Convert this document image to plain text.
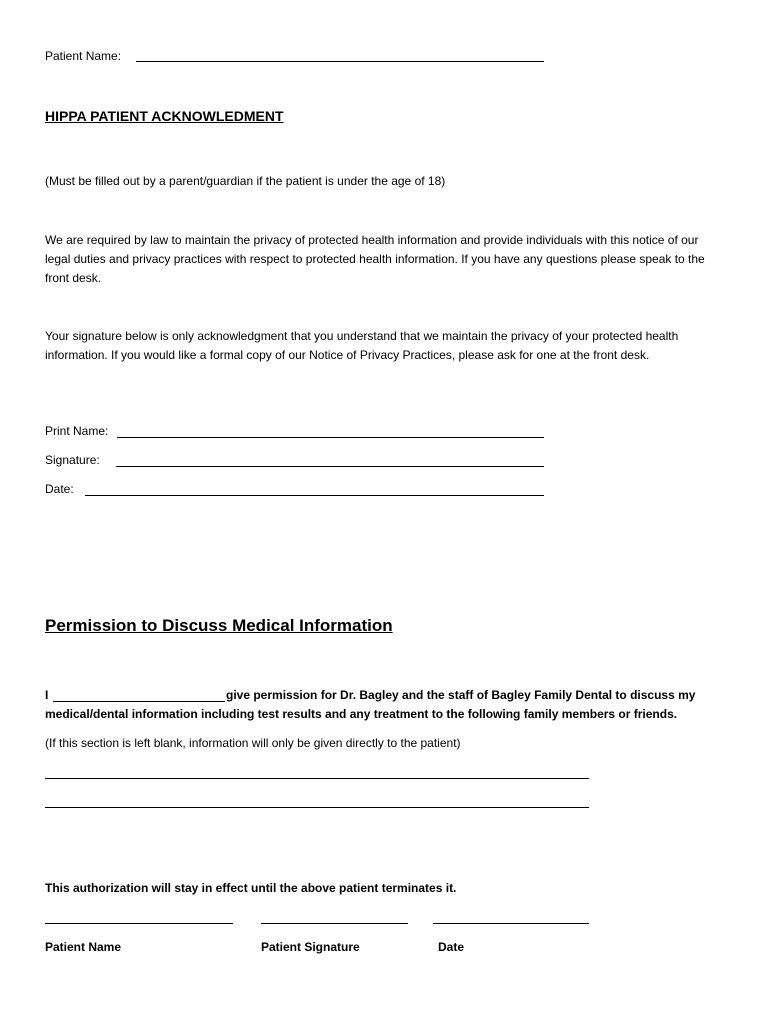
Patient Name:
HIPPA PATIENT ACKNOWLEDMENT
(Must be filled out by a parent/guardian if the patient is under the age of 18)
We are required by law to maintain the privacy of protected health information and provide individuals with this notice of our legal duties and privacy practices with respect to protected health information. If you have any questions please speak to the front desk.
Your signature below is only acknowledgment that you understand that we maintain the privacy of your protected health information. If you would like a formal copy of our Notice of Privacy Practices, please ask for one at the front desk.
Print Name:
Signature:
Date:
Permission to Discuss Medical Information
I	give permission for Dr. Bagley and the staff of Bagley Family Dental to discuss my
medical/dental information including test results and any treatment to the following family members or friends.
(If this section is left blank, information will only be given directly to the patient)
This authorization will stay in effect until the above patient terminates it.
Patient Name	Patient Signature	Date
